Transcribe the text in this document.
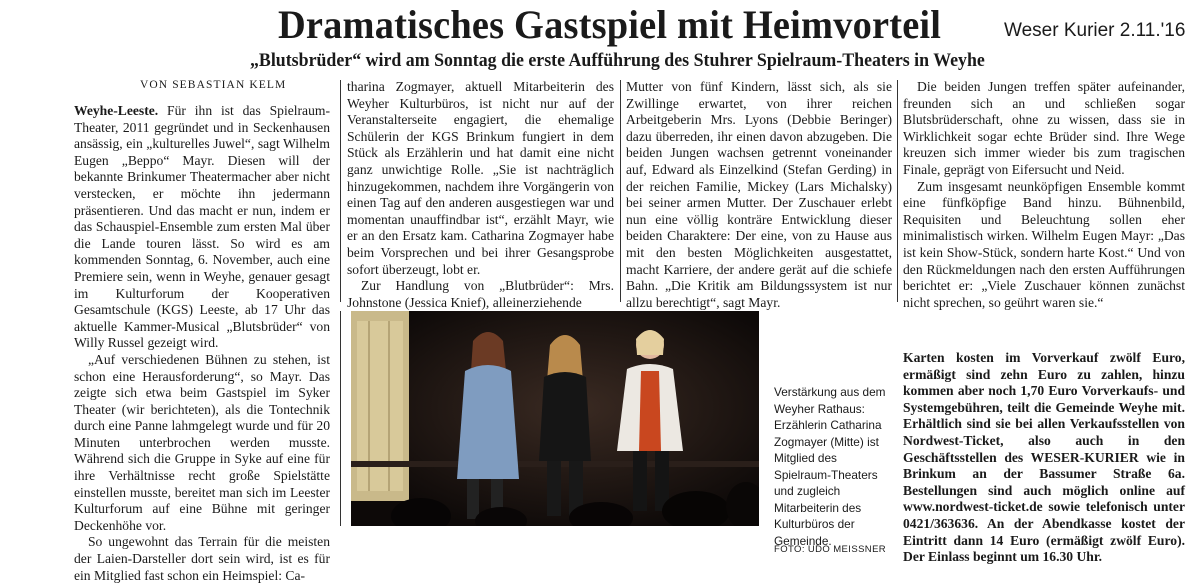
Dramatisches Gastspiel mit Heimvorteil	Weser Kurier 2.11.'16
„Blutsbrüder“ wird am Sonntag die erste Aufführung des Stuhrer Spielraum-Theaters in Weyhe
VON SEBASTIAN KELM

Weyhe-Leeste. Für ihn ist das Spielraum-Theater, 2011 gegründet und in Seckenhausen ansässig, ein „kulturelles Juwel“, sagt Wilhelm Eugen „Beppo“ Mayr. Diesen will der bekannte Brinkumer Theatermacher aber nicht verstecken, er möchte ihn jedermann präsentieren. Und das macht er nun, indem er das Schauspiel-Ensemble zum ersten Mal über die Lande touren lässt. So wird es am kommenden Sonntag, 6. November, auch eine Premiere sein, wenn in Weyhe, genauer gesagt im Kulturforum der Kooperativen Gesamtschule (KGS) Leeste, ab 17 Uhr das aktuelle Kammer-Musical „Blutsbrüder“ von Willy Russel gezeigt wird.

„Auf verschiedenen Bühnen zu stehen, ist schon eine Herausforderung“, so Mayr. Das zeigte sich etwa beim Gastspiel im Syker Theater (wir berichteten), als die Tontechnik durch eine Panne lahmgelegt wurde und für 20 Minuten unterbrochen werden musste. Während sich die Gruppe in Syke auf eine für ihre Verhältnisse recht große Spielstätte einstellen musste, bereitet man sich im Leester Kulturforum auf eine Bühne mit geringer Deckenhöhe vor.

So ungewohnt das Terrain für die meisten der Laien-Darsteller dort sein wird, ist es für ein Mitglied fast schon ein Heimspiel: Ca-

tharina Zogmayer, aktuell Mitarbeiterin des Weyher Kulturbüros, ist nicht nur auf der Veranstalterseite engagiert, die ehemalige Schülerin der KGS Brinkum fungiert in dem Stück als Erzählerin und hat damit eine nicht ganz unwichtige Rolle. „Sie ist nachträglich hinzugekommen, nachdem ihre Vorgängerin von einen Tag auf den anderen ausgestiegen war und momentan unauffindbar ist“, erzählt Mayr, wie er an den Ersatz kam. Catharina Zogmayer habe beim Vorsprechen und bei ihrer Gesangsprobe sofort überzeugt, lobt er.

Zur Handlung von „Blutbrüder“: Mrs. Johnstone (Jessica Knief), alleinerziehende

Mutter von fünf Kindern, lässt sich, als sie Zwillinge erwartet, von ihrer reichen Arbeitgeberin Mrs. Lyons (Debbie Beringer) dazu überreden, ihr einen davon abzugeben. Die beiden Jungen wachsen getrennt voneinander auf, Edward als Einzelkind (Stefan Gerding) in der reichen Familie, Mickey (Lars Michalsky) bei seiner armen Mutter. Der Zuschauer erlebt nun eine völlig konträre Entwicklung dieser beiden Charaktere: Der eine, von zu Hause aus mit den besten Möglichkeiten ausgestattet, macht Karriere, der andere gerät auf die schiefe Bahn. „Die Kritik am Bildungssystem ist nur allzu berechtigt“, sagt Mayr.

Die beiden Jungen treffen später aufeinander, freunden sich an und schließen sogar Blutsbrüderschaft, ohne zu wissen, dass sie in Wirklichkeit sogar echte Brüder sind. Ihre Wege kreuzen sich immer wieder bis zum tragischen Finale, geprägt von Eifersucht und Neid.

Zum insgesamt neunköpfigen Ensemble kommt eine fünfköpfige Band hinzu. Bühnenbild, Requisiten und Beleuchtung sollen eher minimalistisch wirken. Wilhelm Eugen Mayr: „Das ist kein Show-Stück, sondern harte Kost.“ Und von den Rückmeldungen nach den ersten Aufführungen berichtet er: „Viele Zuschauer können zunächst nicht sprechen, so geührt waren sie.“

Karten kosten im Vorverkauf zwölf Euro, ermäßigt sind zehn Euro zu zahlen, hinzu kommen aber noch 1,70 Euro Vorverkaufs- und Systemgebühren, teilt die Gemeinde Weyhe mit. Erhältlich sind sie bei allen Verkaufsstellen von Nordwest-Ticket, also auch in den Geschäftsstellen des WESER-KURIER wie in Brinkum an der Bassumer Straße 6a. Bestellungen sind auch möglich online auf www.nordwest-ticket.de sowie telefonisch unter 0421/363636. An der Abendkasse kostet der Eintritt dann 14 Euro (ermäßigt zwölf Euro). Der Einlass beginnt um 16.30 Uhr.

Verstärkung aus dem Weyher Rathaus: Erzählerin Catharina Zogmayer (Mitte) ist Mitglied des Spielraum-Theaters und zugleich Mitarbeiterin des Kulturbüros der Gemeinde.
FOTO: UDO MEISSNER
